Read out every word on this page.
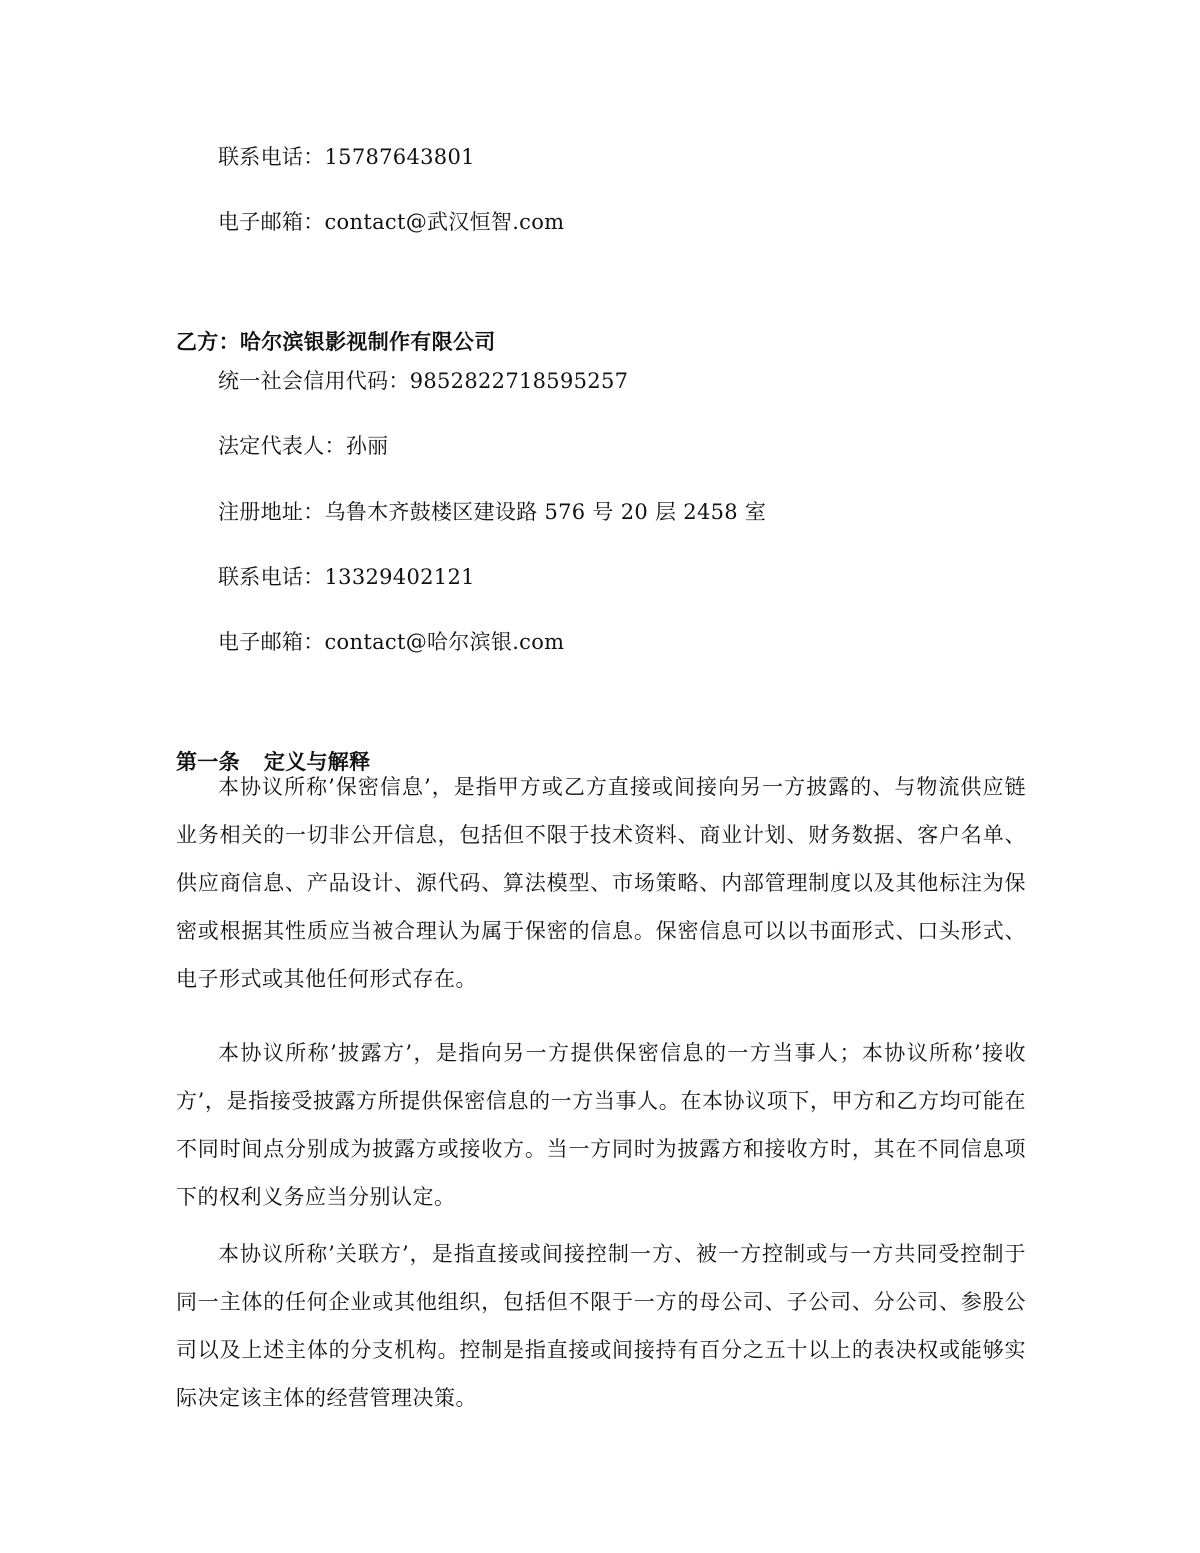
联系电话：15787643801
电子邮箱：contact@武汉恒智.com
乙方：哈尔滨银影视制作有限公司
统一社会信用代码：9852822718595257
法定代表人：孙丽
注册地址：乌鲁木齐鼓楼区建设路 576 号 20 层 2458 室
联系电话：13329402121
电子邮箱：contact@哈尔滨银.com
第一条 定义与解释

本协议所称’保密信息’，是指甲方或乙方直接或间接向另一方披露的、与物流供应链业务相关的一切非公开信息，包括但不限于技术资料、商业计划、财务数据、客户名单、供应商信息、产品设计、源代码、算法模型、市场策略、内部管理制度以及其他标注为保密或根据其性质应当被合理认为属于保密的信息。保密信息可以以书面形式、口头形式、电子形式或其他任何形式存在。

本协议所称’披露方’，是指向另一方提供保密信息的一方当事人；本协议所称’接收方’，是指接受披露方所提供保密信息的一方当事人。在本协议项下，甲方和乙方均可能在不同时间点分别成为披露方或接收方。当一方同时为披露方和接收方时，其在不同信息项下的权利义务应当分别认定。

本协议所称’关联方’，是指直接或间接控制一方、被一方控制或与一方共同受控制于同一主体的任何企业或其他组织，包括但不限于一方的母公司、子公司、分公司、参股公司以及上述主体的分支机构。控制是指直接或间接持有百分之五十以上的表决权或能够实际决定该主体的经营管理决策。
